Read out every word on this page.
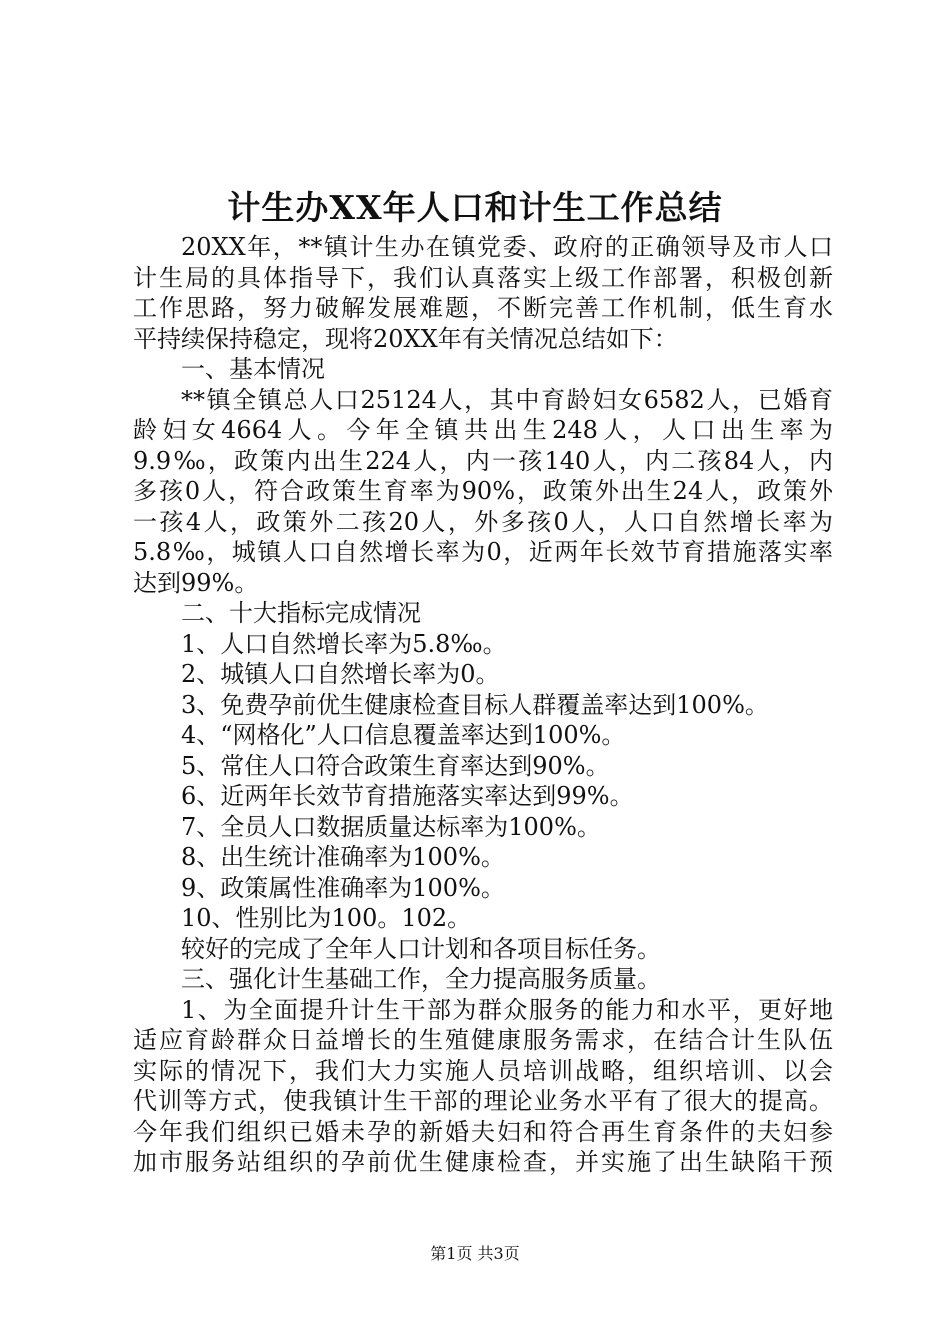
计生办XX年人口和计生工作总结

20XX年，**镇计生办在镇党委、政府的正确领导及市人口

计生局的具体指导下，我们认真落实上级工作部署，积极创新

工作思路，努力破解发展难题，不断完善工作机制，低生育水

平持续保持稳定，现将20XX年有关情况总结如下：

一、基本情况

**镇全镇总人口25124人，其中育龄妇女6582人，已婚育

龄妇女4664人。今年全镇共出生248人，人口出生率为

9.9‰，政策内出生224人，内一孩140人，内二孩84人，内

多孩0人，符合政策生育率为90%，政策外出生24人，政策外

一孩4人，政策外二孩20人，外多孩0人，人口自然增长率为

5.8‰，城镇人口自然增长率为0，近两年长效节育措施落实率

达到99%。

二、十大指标完成情况

1、人口自然增长率为5.8‰。

2、城镇人口自然增长率为0。

3、免费孕前优生健康检查目标人群覆盖率达到100%。

4、“网格化”人口信息覆盖率达到100%。

5、常住人口符合政策生育率达到90%。

6、近两年长效节育措施落实率达到99%。

7、全员人口数据质量达标率为100%。

8、出生统计准确率为100%。

9、政策属性准确率为100%。

10、性别比为100。102。

较好的完成了全年人口计划和各项目标任务。

三、强化计生基础工作，全力提高服务质量。

1、为全面提升计生干部为群众服务的能力和水平，更好地

适应育龄群众日益增长的生殖健康服务需求，在结合计生队伍

实际的情况下，我们大力实施人员培训战略，组织培训、以会

代训等方式，使我镇计生干部的理论业务水平有了很大的提高。

今年我们组织已婚未孕的新婚夫妇和符合再生育条件的夫妇参

加市服务站组织的孕前优生健康检查，并实施了出生缺陷干预

第1页 共3页
